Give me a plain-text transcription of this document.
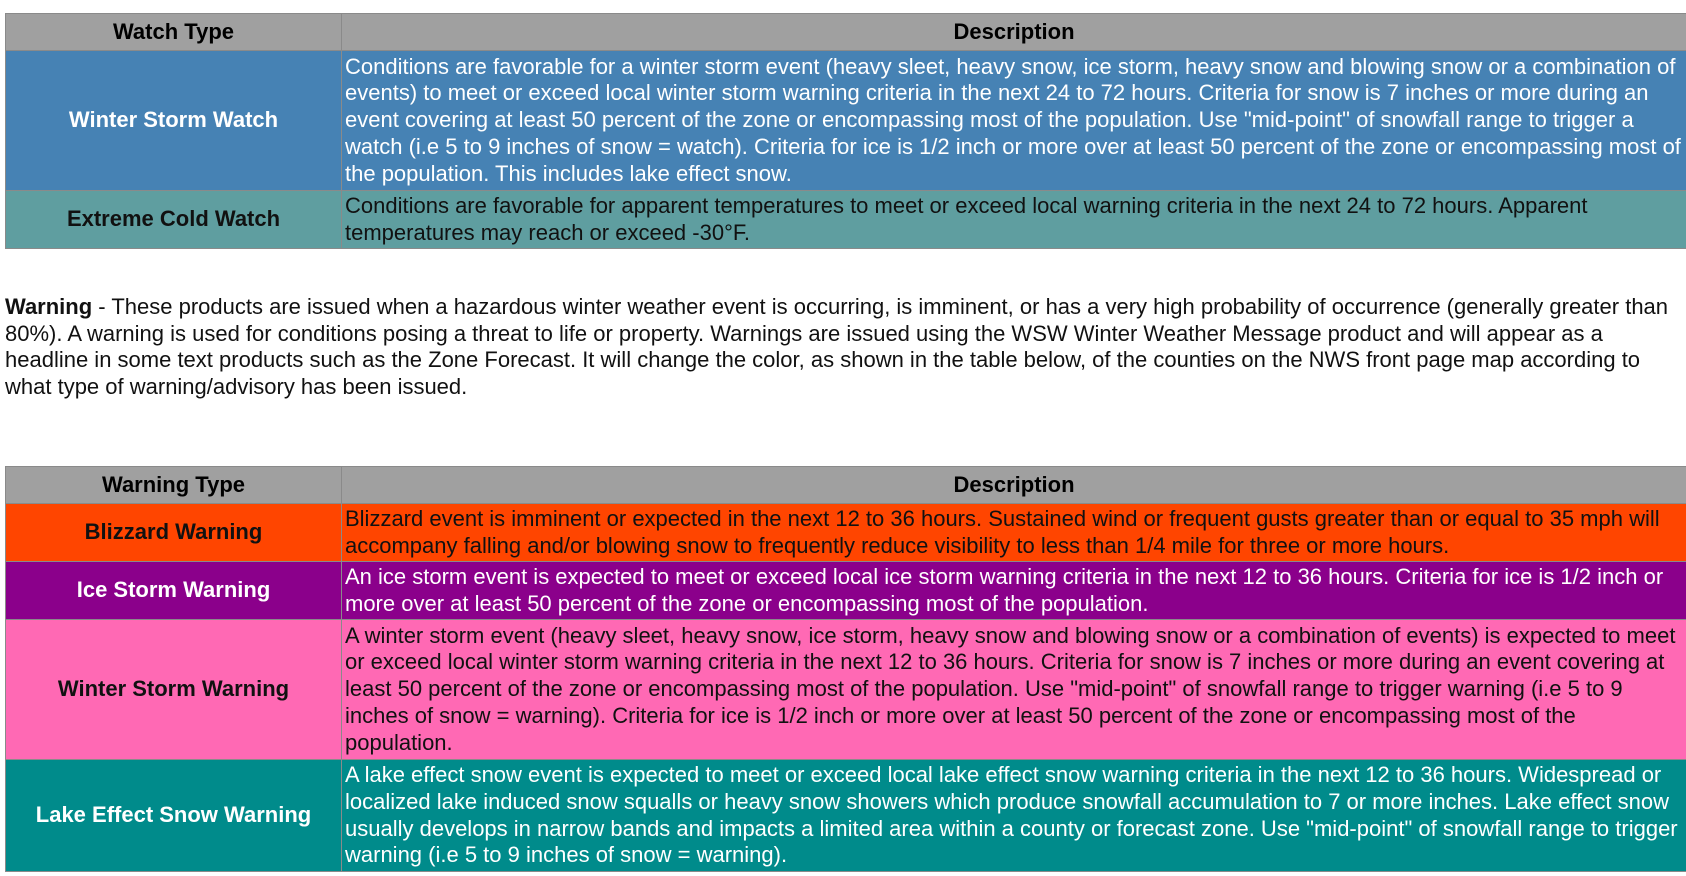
Watch Type	Description
Winter Storm Watch	Conditions are favorable for a winter storm event (heavy sleet, heavy snow, ice storm, heavy snow and blowing snow or a combination of events) to meet or exceed local winter storm warning criteria in the next 24 to 72 hours. Criteria for snow is 7 inches or more during an event covering at least 50 percent of the zone or encompassing most of the population. Use "mid-point" of snowfall range to trigger a watch (i.e 5 to 9 inches of snow = watch). Criteria for ice is 1/2 inch or more over at least 50 percent of the zone or encompassing most of the population. This includes lake effect snow.
Extreme Cold Watch	Conditions are favorable for apparent temperatures to meet or exceed local warning criteria in the next 24 to 72 hours. Apparent temperatures may reach or exceed -30°F.

Warning - These products are issued when a hazardous winter weather event is occurring, is imminent, or has a very high probability of occurrence (generally greater than 80%). A warning is used for conditions posing a threat to life or property. Warnings are issued using the WSW Winter Weather Message product and will appear as a headline in some text products such as the Zone Forecast. It will change the color, as shown in the table below, of the counties on the NWS front page map according to what type of warning/advisory has been issued.

Warning Type	Description
Blizzard Warning	Blizzard event is imminent or expected in the next 12 to 36 hours. Sustained wind or frequent gusts greater than or equal to 35 mph will accompany falling and/or blowing snow to frequently reduce visibility to less than 1/4 mile for three or more hours.
Ice Storm Warning	An ice storm event is expected to meet or exceed local ice storm warning criteria in the next 12 to 36 hours. Criteria for ice is 1/2 inch or more over at least 50 percent of the zone or encompassing most of the population.
Winter Storm Warning	A winter storm event (heavy sleet, heavy snow, ice storm, heavy snow and blowing snow or a combination of events) is expected to meet or exceed local winter storm warning criteria in the next 12 to 36 hours. Criteria for snow is 7 inches or more during an event covering at least 50 percent of the zone or encompassing most of the population. Use "mid-point" of snowfall range to trigger warning (i.e 5 to 9 inches of snow = warning). Criteria for ice is 1/2 inch or more over at least 50 percent of the zone or encompassing most of the population.
Lake Effect Snow Warning	A lake effect snow event is expected to meet or exceed local lake effect snow warning criteria in the next 12 to 36 hours. Widespread or localized lake induced snow squalls or heavy snow showers which produce snowfall accumulation to 7 or more inches. Lake effect snow usually develops in narrow bands and impacts a limited area within a county or forecast zone. Use "mid-point" of snowfall range to trigger warning (i.e 5 to 9 inches of snow = warning).
